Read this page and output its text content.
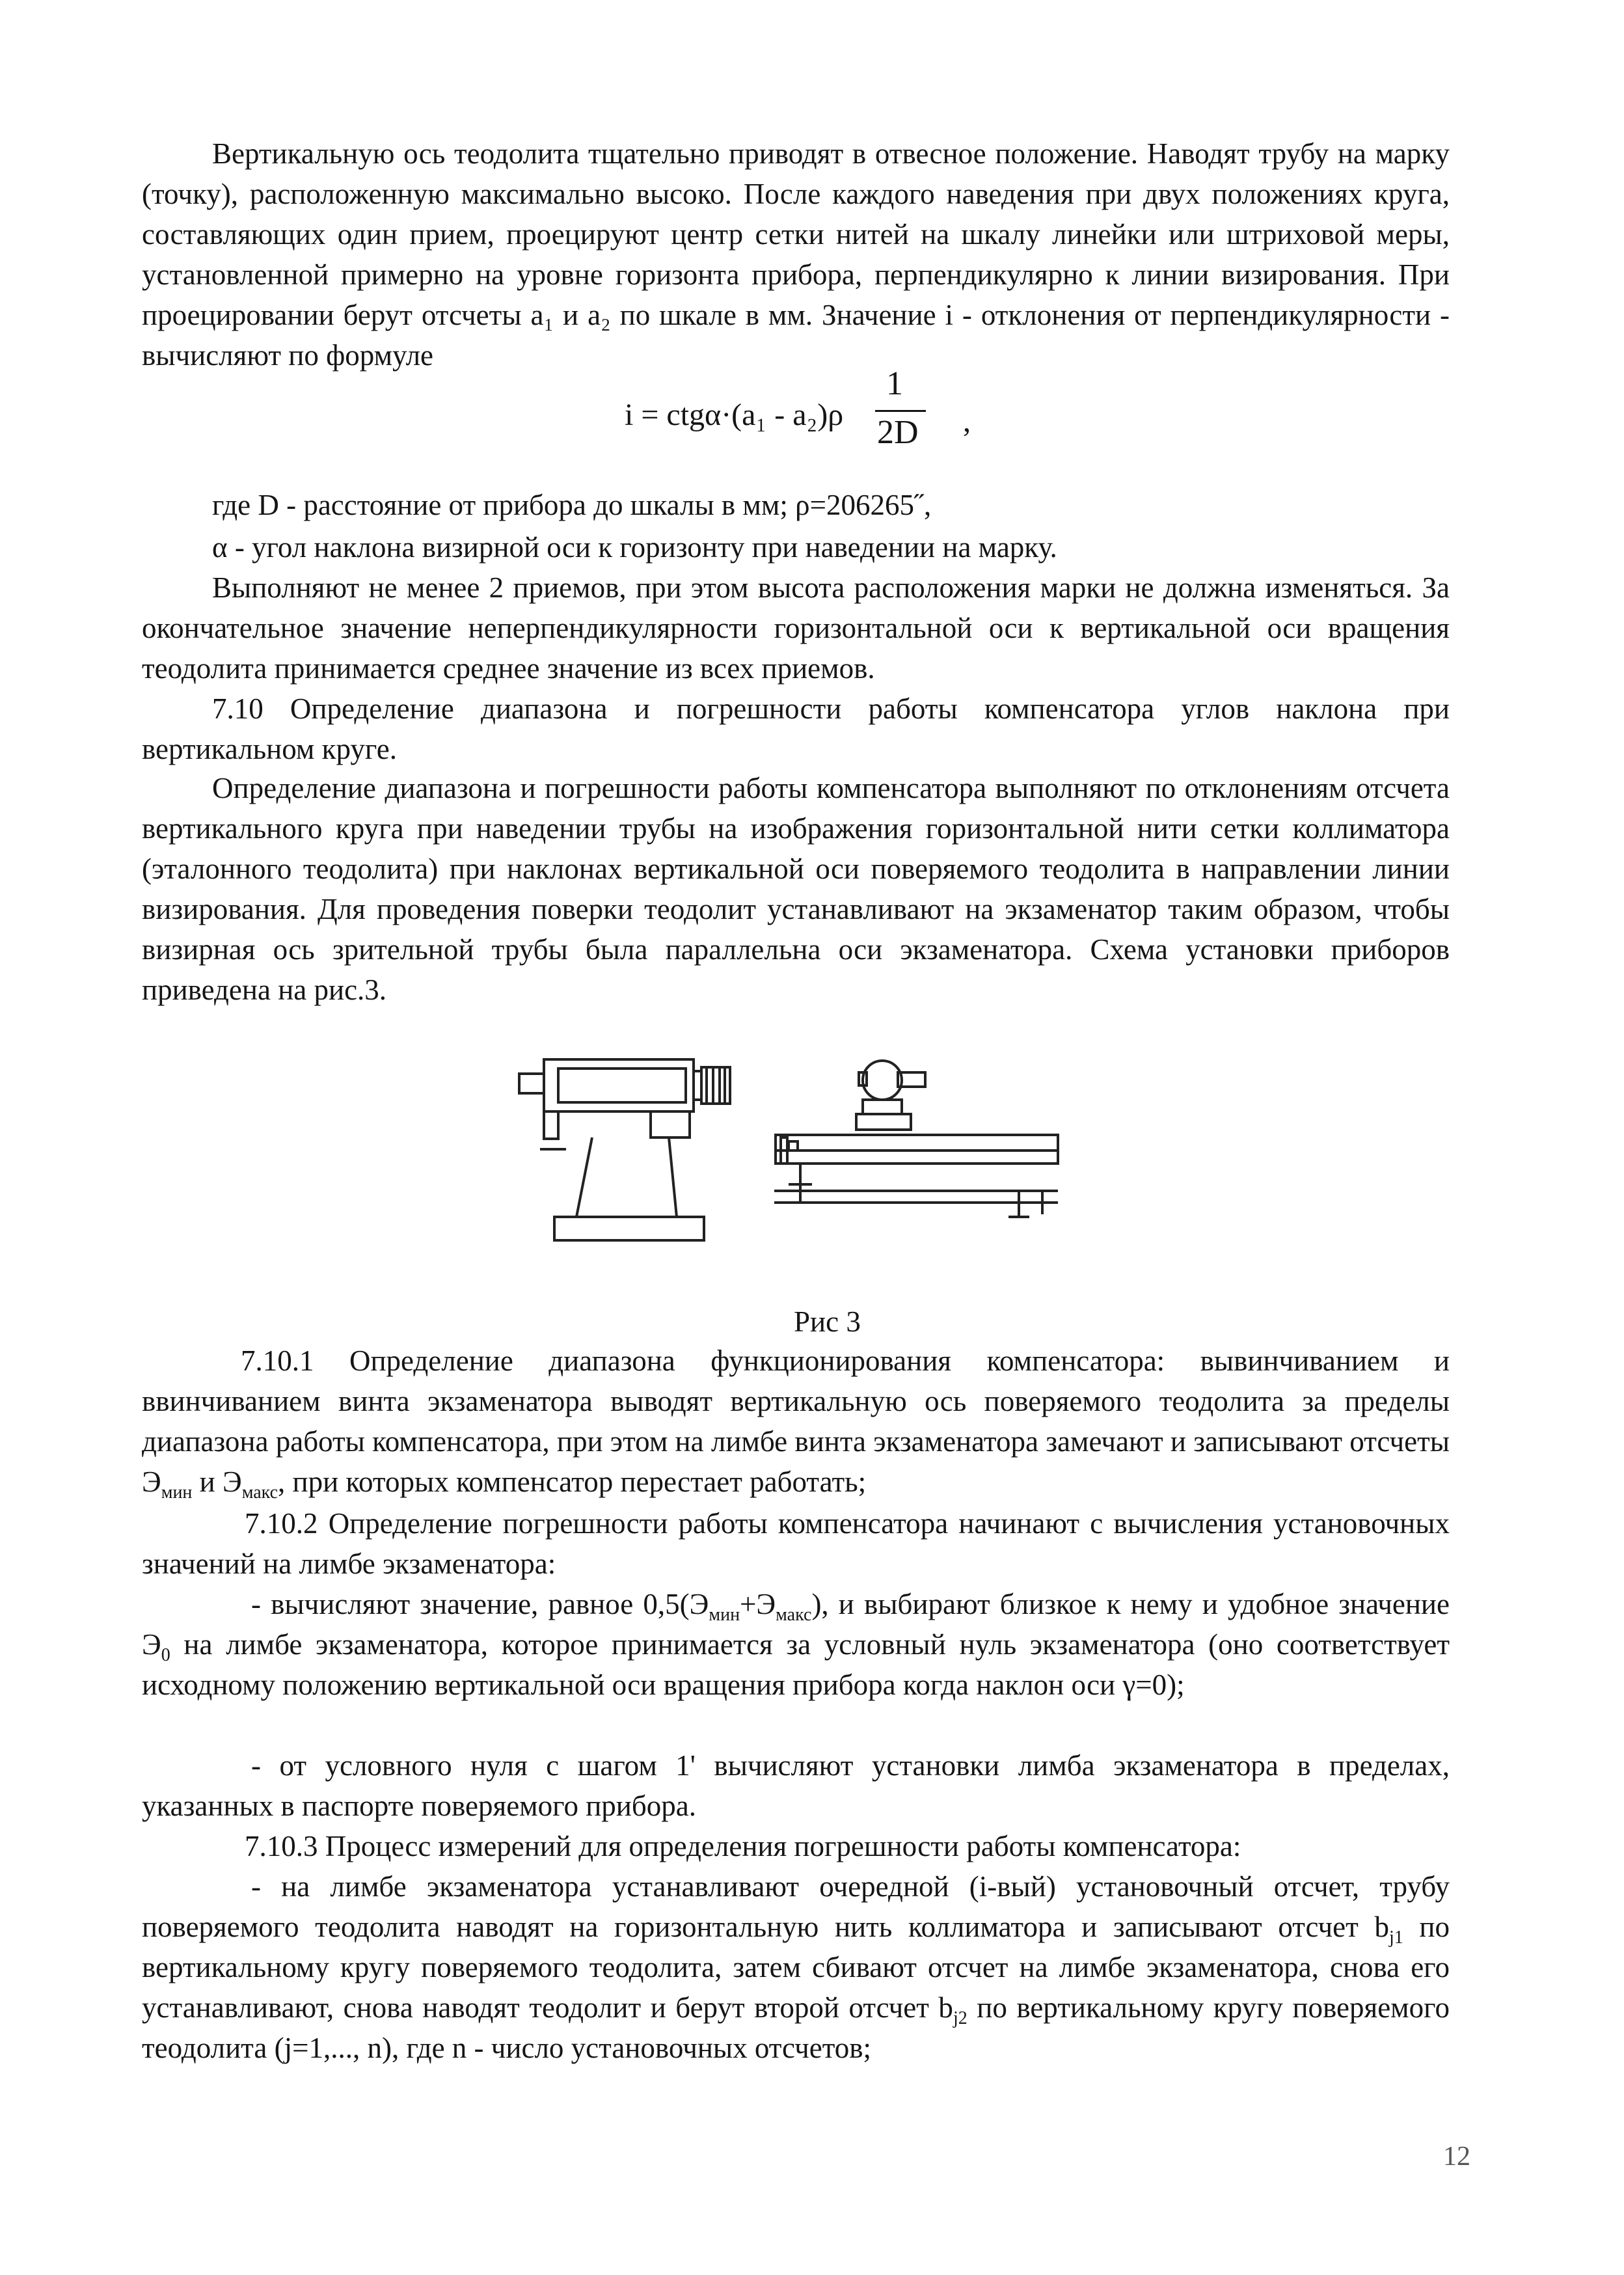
Вертикальную ось теодолита тщательно приводят в отвесное положение. Наводят трубу на марку (точку), расположенную максимально высоко. После каждого наведения при двух положениях круга, составляющих один прием, проецируют центр сетки нитей на шкалу линейки или штриховой меры, установленной примерно на уровне горизонта прибора, перпендикулярно к линии визирования. При проецировании берут отсчеты а₁ и а₂ по шкале в мм. Значение i - отклонения от перпендикулярности - вычисляют по формуле

i = ctgα·(a₁ - a₂)ρ
1
2D ,

где D - расстояние от прибора до шкалы в мм; ρ=206265˝,

α - угол наклона визирной оси к горизонту при наведении на марку.

Выполняют не менее 2 приемов, при этом высота расположения марки не должна изменяться. За окончательное значение неперпендикулярности горизонтальной оси к вертикальной оси вращения теодолита принимается среднее значение из всех приемов.

7.10 Определение диапазона и погрешности работы компенсатора углов наклона при вертикальном круге.

Определение диапазона и погрешности работы компенсатора выполняют по отклонениям отсчета вертикального круга при наведении трубы на изображения горизонтальной нити сетки коллиматора (эталонного теодолита) при наклонах вертикальной оси поверяемого теодолита в направлении линии визирования. Для проведения поверки теодолит устанавливают на экзаменатор таким образом, чтобы визирная ось зрительной трубы была параллельна оси экзаменатора. Схема установки приборов приведена на рис.3.

Рис 3

7.10.1 Определение диапазона функционирования компенсатора: вывинчиванием и ввинчиванием винта экзаменатора выводят вертикальную ось поверяемого теодолита за пределы диапазона работы компенсатора, при этом на лимбе винта экзаменатора замечают и записывают отсчеты $Э_{мин}$ и $Э_{макс}$, при которых компенсатор перестает работать;

7.10.2 Определение погрешности работы компенсатора начинают с вычисления установочных значений на лимбе экзаменатора:

- вычисляют значение, равное $0,5(Э_{мин}+Э_{макс})$, и выбирают близкое к нему и удобное значение $Э_0$ на лимбе экзаменатора, которое принимается за условный нуль экзаменатора (оно соответствует исходному положению вертикальной оси вращения прибора когда наклон оси γ=0);

- от условного нуля с шагом 1' вычисляют установки лимба экзаменатора в пределах, указанных в паспорте поверяемого прибора.

7.10.3 Процесс измерений для определения погрешности работы компенсатора:

- на лимбе экзаменатора устанавливают очередной (i-вый) установочный отсчет, трубу поверяемого теодолита наводят на горизонтальную нить коллиматора и записывают отсчет $b_{j1}$ по вертикальному кругу поверяемого теодолита, затем сбивают отсчет на лимбе экзаменатора, снова его устанавливают, снова наводят теодолит и берут второй отсчет $b_{j2}$ по вертикальному кругу поверяемого теодолита (j=1,..., n), где n - число установочных отсчетов;

12
